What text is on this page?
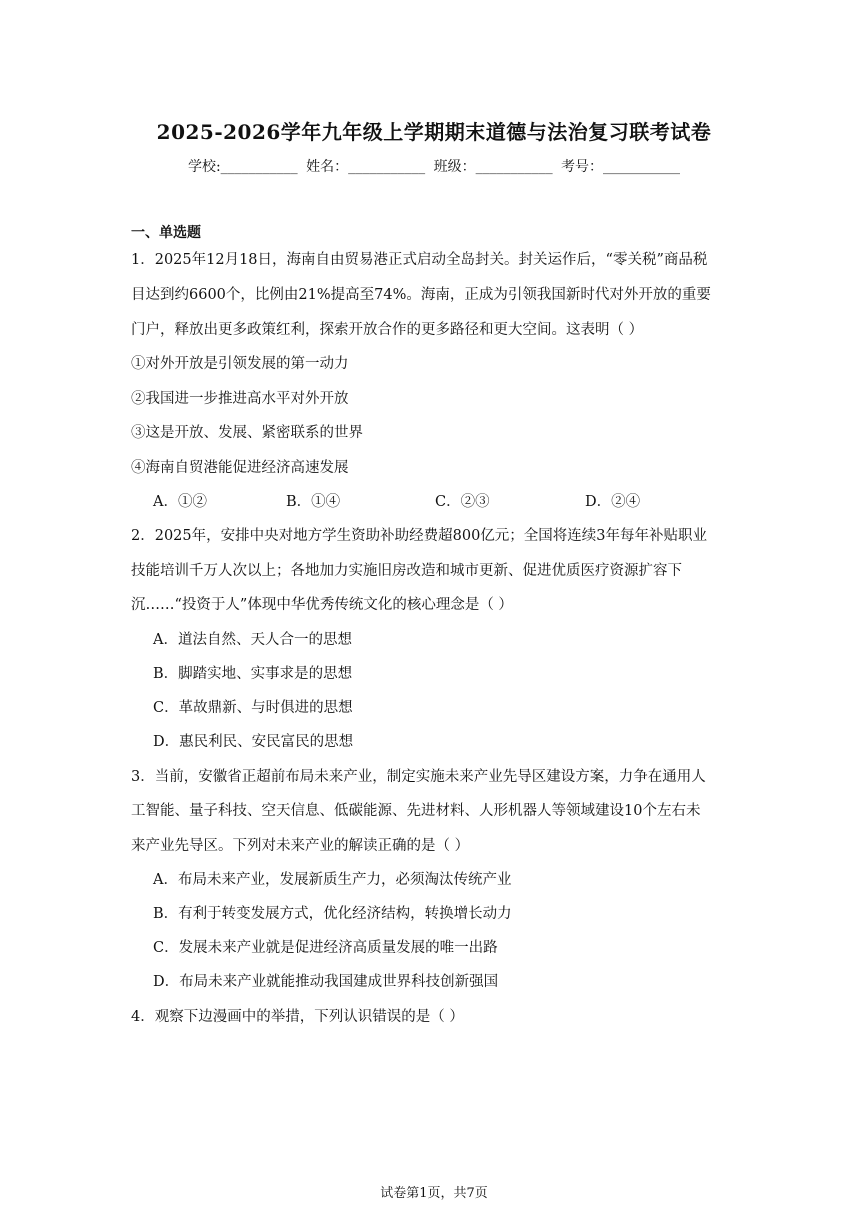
2025-2026学年九年级上学期期末道德与法治复习联考试卷
学校:___________ 姓名：___________ 班级：___________ 考号：___________
一、单选题
1．2025年12月18日，海南自由贸易港正式启动全岛封关。封关运作后，“零关税”商品税
目达到约6600个，比例由21%提高至74%。海南，正成为引领我国新时代对外开放的重要
门户，释放出更多政策红利，探索开放合作的更多路径和更大空间。这表明（ ）
①对外开放是引领发展的第一动力
②我国进一步推进高水平对外开放
③这是开放、发展、紧密联系的世界
④海南自贸港能促进经济高速发展
A．①②	B．①④	C．②③	D．②④
2．2025年，安排中央对地方学生资助补助经费超800亿元；全国将连续3年每年补贴职业
技能培训千万人次以上；各地加力实施旧房改造和城市更新、促进优质医疗资源扩容下
沉……“投资于人”体现中华优秀传统文化的核心理念是（ ）
A．道法自然、天人合一的思想
B．脚踏实地、实事求是的思想
C．革故鼎新、与时俱进的思想
D．惠民利民、安民富民的思想
3．当前，安徽省正超前布局未来产业，制定实施未来产业先导区建设方案，力争在通用人
工智能、量子科技、空天信息、低碳能源、先进材料、人形机器人等领域建设10个左右未
来产业先导区。下列对未来产业的解读正确的是（ ）
A．布局未来产业，发展新质生产力，必须淘汰传统产业
B．有利于转变发展方式，优化经济结构，转换增长动力
C．发展未来产业就是促进经济高质量发展的唯一出路
D．布局未来产业就能推动我国建成世界科技创新强国
4．观察下边漫画中的举措，下列认识错误的是（ ）
试卷第1页，共7页
